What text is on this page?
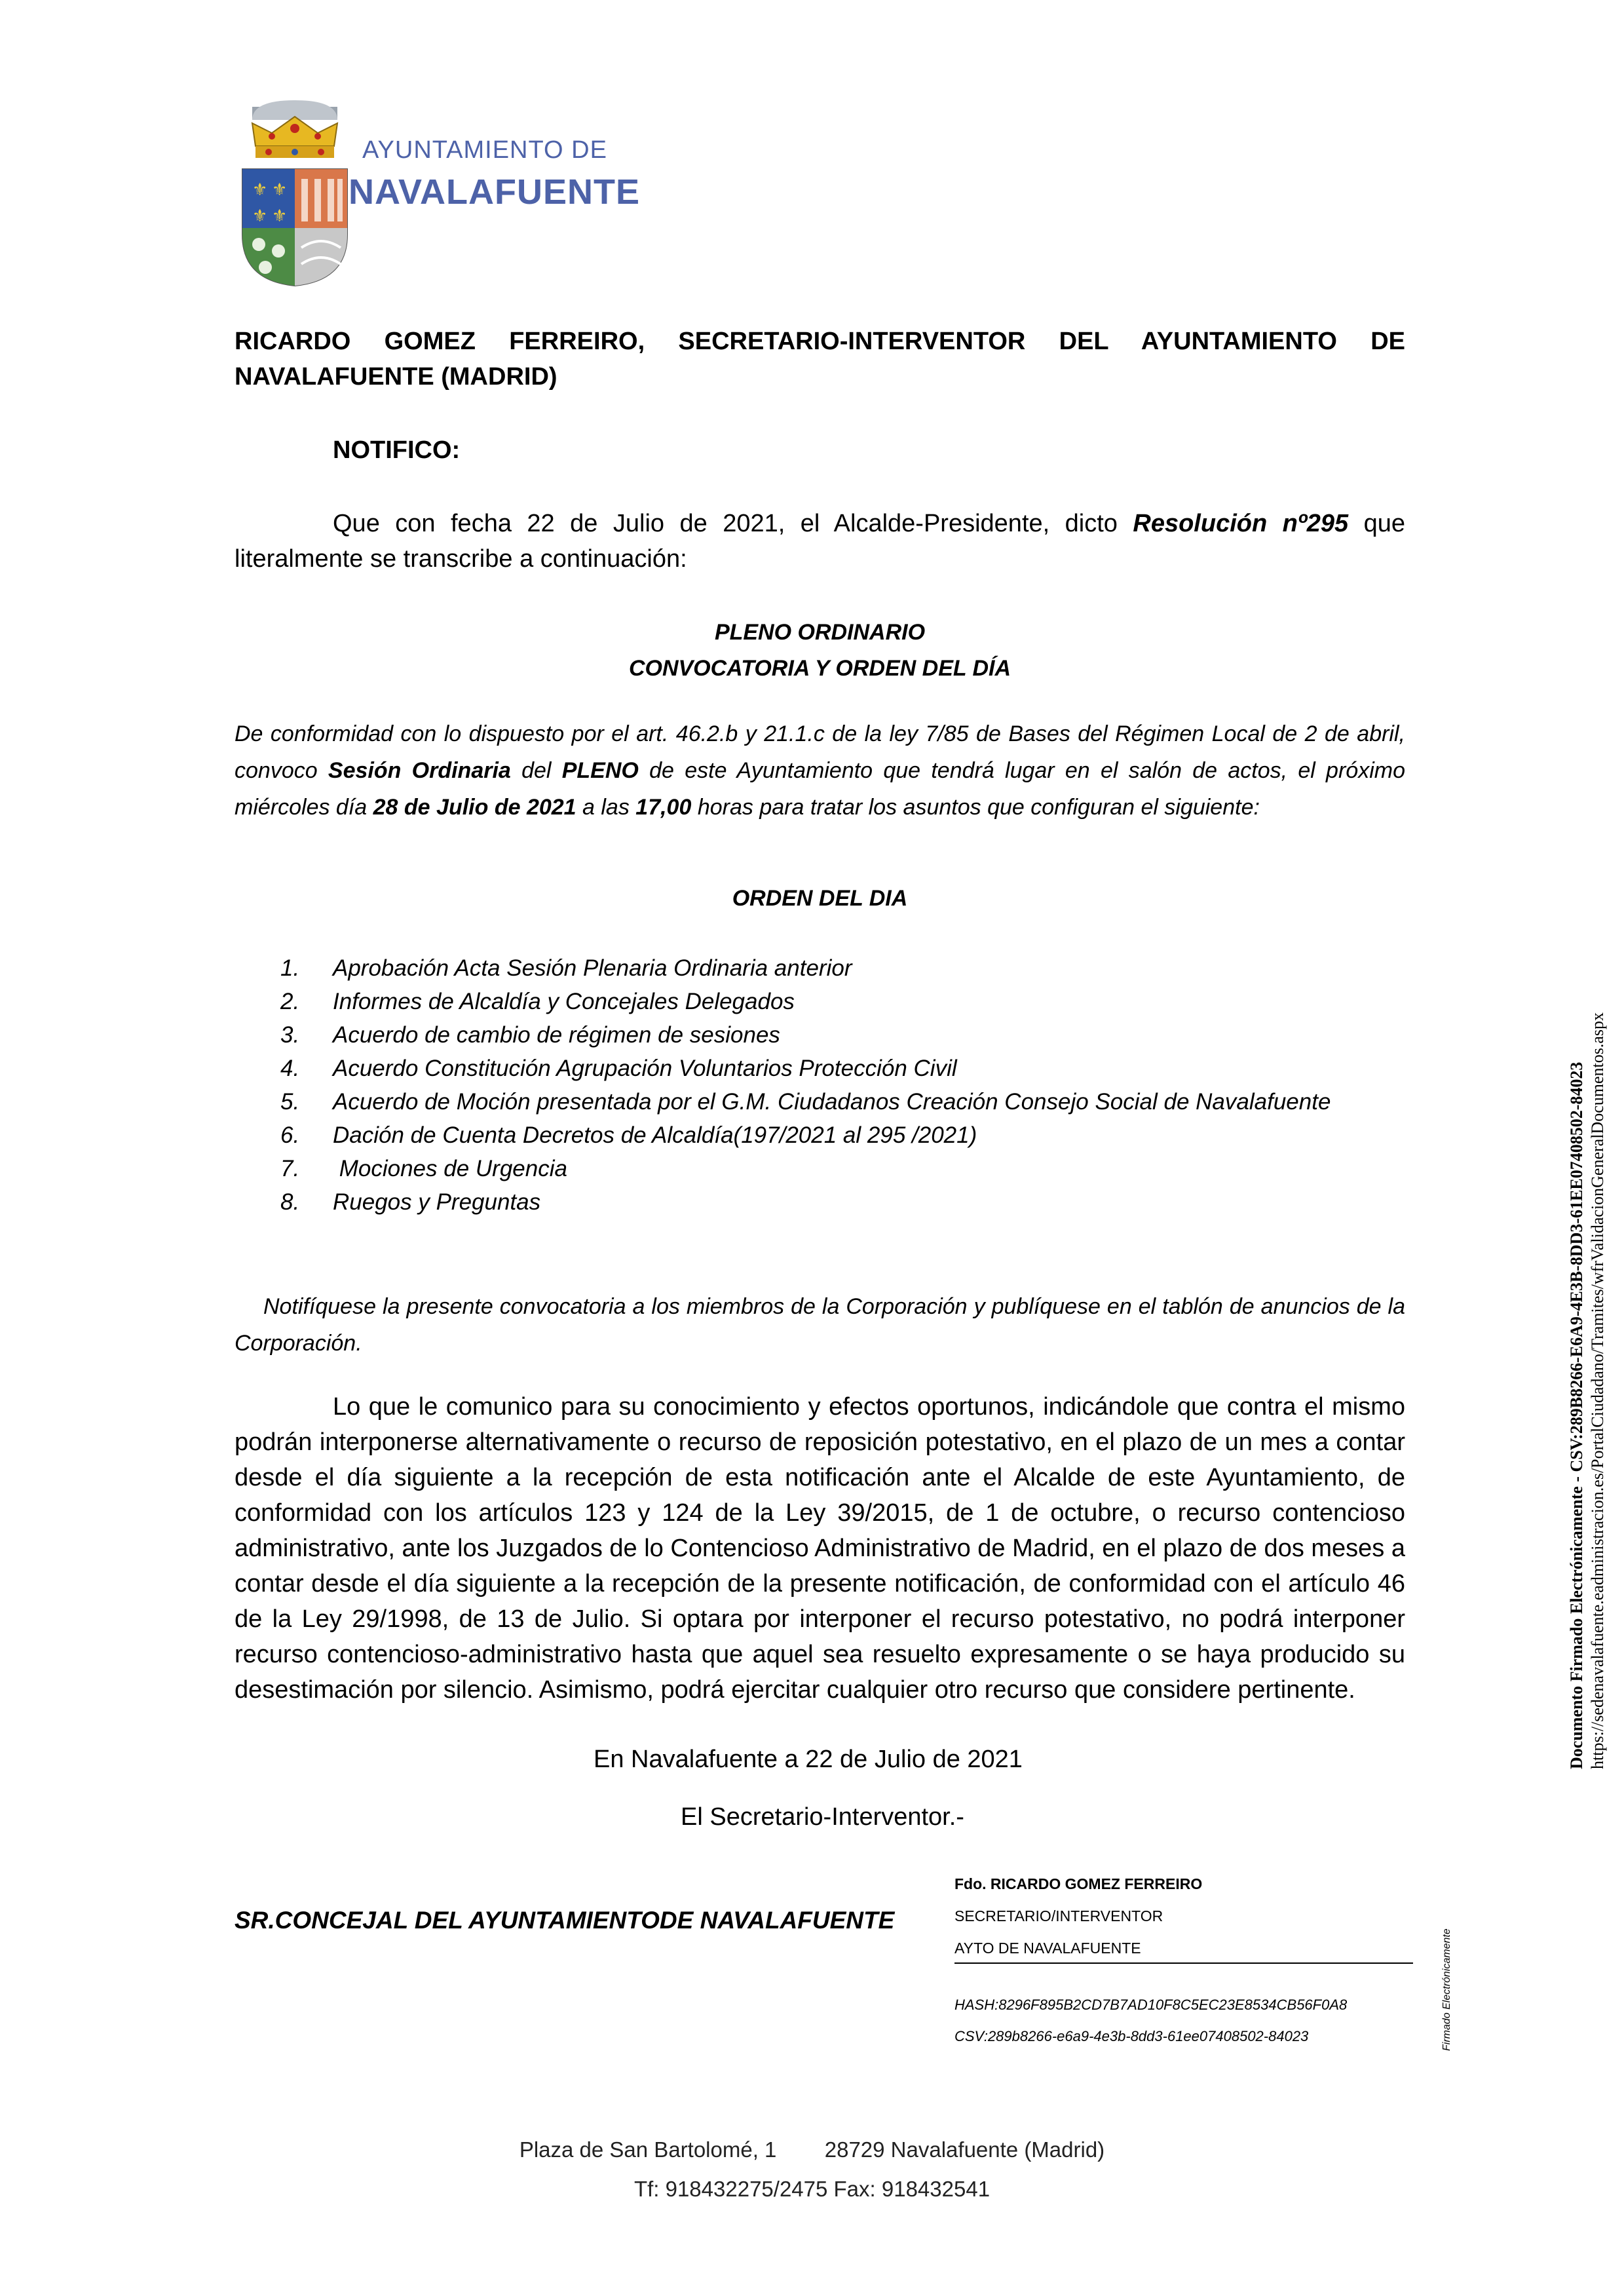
⚜ ⚜
⚜ ⚜
AYUNTAMIENTO DE
NAVALAFUENTE
RICARDO GOMEZ FERREIRO, SECRETARIO-INTERVENTOR DEL AYUNTAMIENTO DE NAVALAFUENTE (MADRID)
NOTIFICO:
Que con fecha 22 de Julio de 2021, el Alcalde-Presidente, dicto Resolución nº295 que literalmente se transcribe a continuación:
PLENO ORDINARIO
CONVOCATORIA Y ORDEN DEL DÍA
De conformidad con lo dispuesto por el art. 46.2.b y 21.1.c de la ley 7/85 de Bases del Régimen Local de 2 de abril, convoco Sesión Ordinaria del PLENO de este Ayuntamiento que tendrá lugar en el salón de actos, el próximo miércoles día 28 de Julio de 2021 a las 17,00 horas para tratar los asuntos que configuran el siguiente:
ORDEN DEL DIA
1.	Aprobación Acta Sesión Plenaria Ordinaria anterior
2.	Informes de Alcaldía y Concejales Delegados
3.	Acuerdo de cambio de régimen de sesiones
4.	Acuerdo Constitución Agrupación Voluntarios Protección Civil
5.	Acuerdo de Moción presentada por el G.M. Ciudadanos Creación Consejo Social de Navalafuente
6.	Dación de Cuenta Decretos de Alcaldía(197/2021 al 295 /2021)
7.	Mociones de Urgencia
8.	Ruegos y Preguntas
Notifíquese la presente convocatoria a los miembros de la Corporación y publíquese en el tablón de anuncios de la Corporación.
Lo que le comunico para su conocimiento y efectos oportunos, indicándole que contra el mismo podrán interponerse alternativamente o recurso de reposición potestativo, en el plazo de un mes a contar desde el día siguiente a la recepción de esta notificación ante el Alcalde de este Ayuntamiento, de conformidad con los artículos 123 y 124 de la Ley 39/2015, de 1 de octubre, o recurso contencioso administrativo, ante los Juzgados de lo Contencioso Administrativo de Madrid, en el plazo de dos meses a contar desde el día siguiente a la recepción de la presente notificación, de conformidad con el artículo 46 de la Ley 29/1998, de 13 de Julio. Si optara por interponer el recurso potestativo, no podrá interponer recurso contencioso-administrativo hasta que aquel sea resuelto expresamente o se haya producido su desestimación por silencio. Asimismo, podrá ejercitar cualquier otro recurso que considere pertinente.
En Navalafuente a 22 de Julio de 2021
El Secretario-Interventor.-
SR.CONCEJAL DEL AYUNTAMIENTODE NAVALAFUENTE
Fdo. RICARDO GOMEZ FERREIRO
SECRETARIO/INTERVENTOR
AYTO DE NAVALAFUENTE
HASH:8296F895B2CD7B7AD10F8C5EC23E8534CB56F0A8
CSV:289b8266-e6a9-4e3b-8dd3-61ee07408502-84023	Firmado Electrónicamente
Documento Firmado Electrónicamente - CSV:289B8266-E6A9-4E3B-8DD3-61EE07408502-84023 https://sedenavalafuente.eadministracion.es/PortalCiudadano/Tramites/wfrValidacionGeneralDocumentos.aspx
Plaza de San Bartolomé, 1        28729 Navalafuente (Madrid)
Tf: 918432275/2475 Fax: 918432541
